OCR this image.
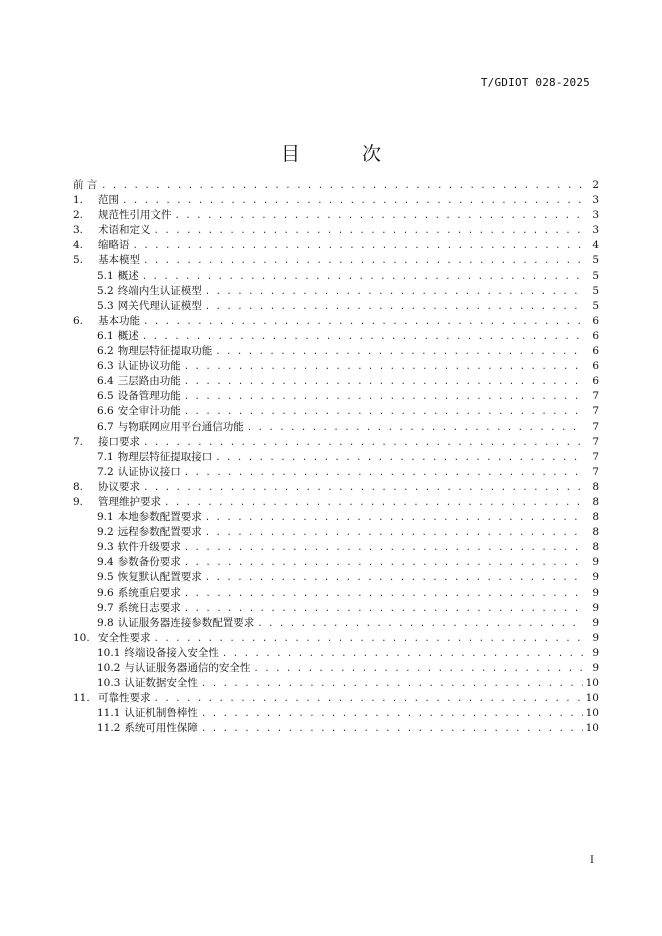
T/GDIOT 028-2025
目 次
前 言 . . .	2
1.	范围 . . .	3
2.	规范性引用文件 . . .	3
3.	术语和定义 . . .	3
4.	缩略语 . . .	4
5.	基本模型 . . .	5
5.1 概述 . . .	5
5.2 终端内生认证模型 . . .	5
5.3 网关代理认证模型 . . .	5
6.	基本功能 . . .	6
6.1 概述 . . .	6
6.2 物理层特征提取功能 . . .	6
6.3 认证协议功能 . . .	6
6.4 三层路由功能 . . .	6
6.5 设备管理功能 . . .	7
6.6 安全审计功能 . . .	7
6.7 与物联网应用平台通信功能 . . .	7
7.	接口要求 . . .	7
7.1 物理层特征提取接口 . . .	7
7.2 认证协议接口 . . .	7
8.	协议要求 . . .	8
9.	管理维护要求 . . .	8
9.1 本地参数配置要求 . . .	8
9.2 远程参数配置要求 . . .	8
9.3 软件升级要求 . . .	8
9.4 参数备份要求 . . .	9
9.5 恢复默认配置要求 . . .	9
9.6 系统重启要求 . . .	9
9.7 系统日志要求 . . .	9
9.8 认证服务器连接参数配置要求 . . .	9
10. 安全性要求 . . .	9
10.1 终端设备接入安全性 . . .	9
10.2 与认证服务器通信的安全性 . . .	9
10.3 认证数据安全性 . . .	10
11. 可靠性要求 . . .	10
11.1 认证机制鲁棒性 . . .	10
11.2 系统可用性保障 . . .	10
I
